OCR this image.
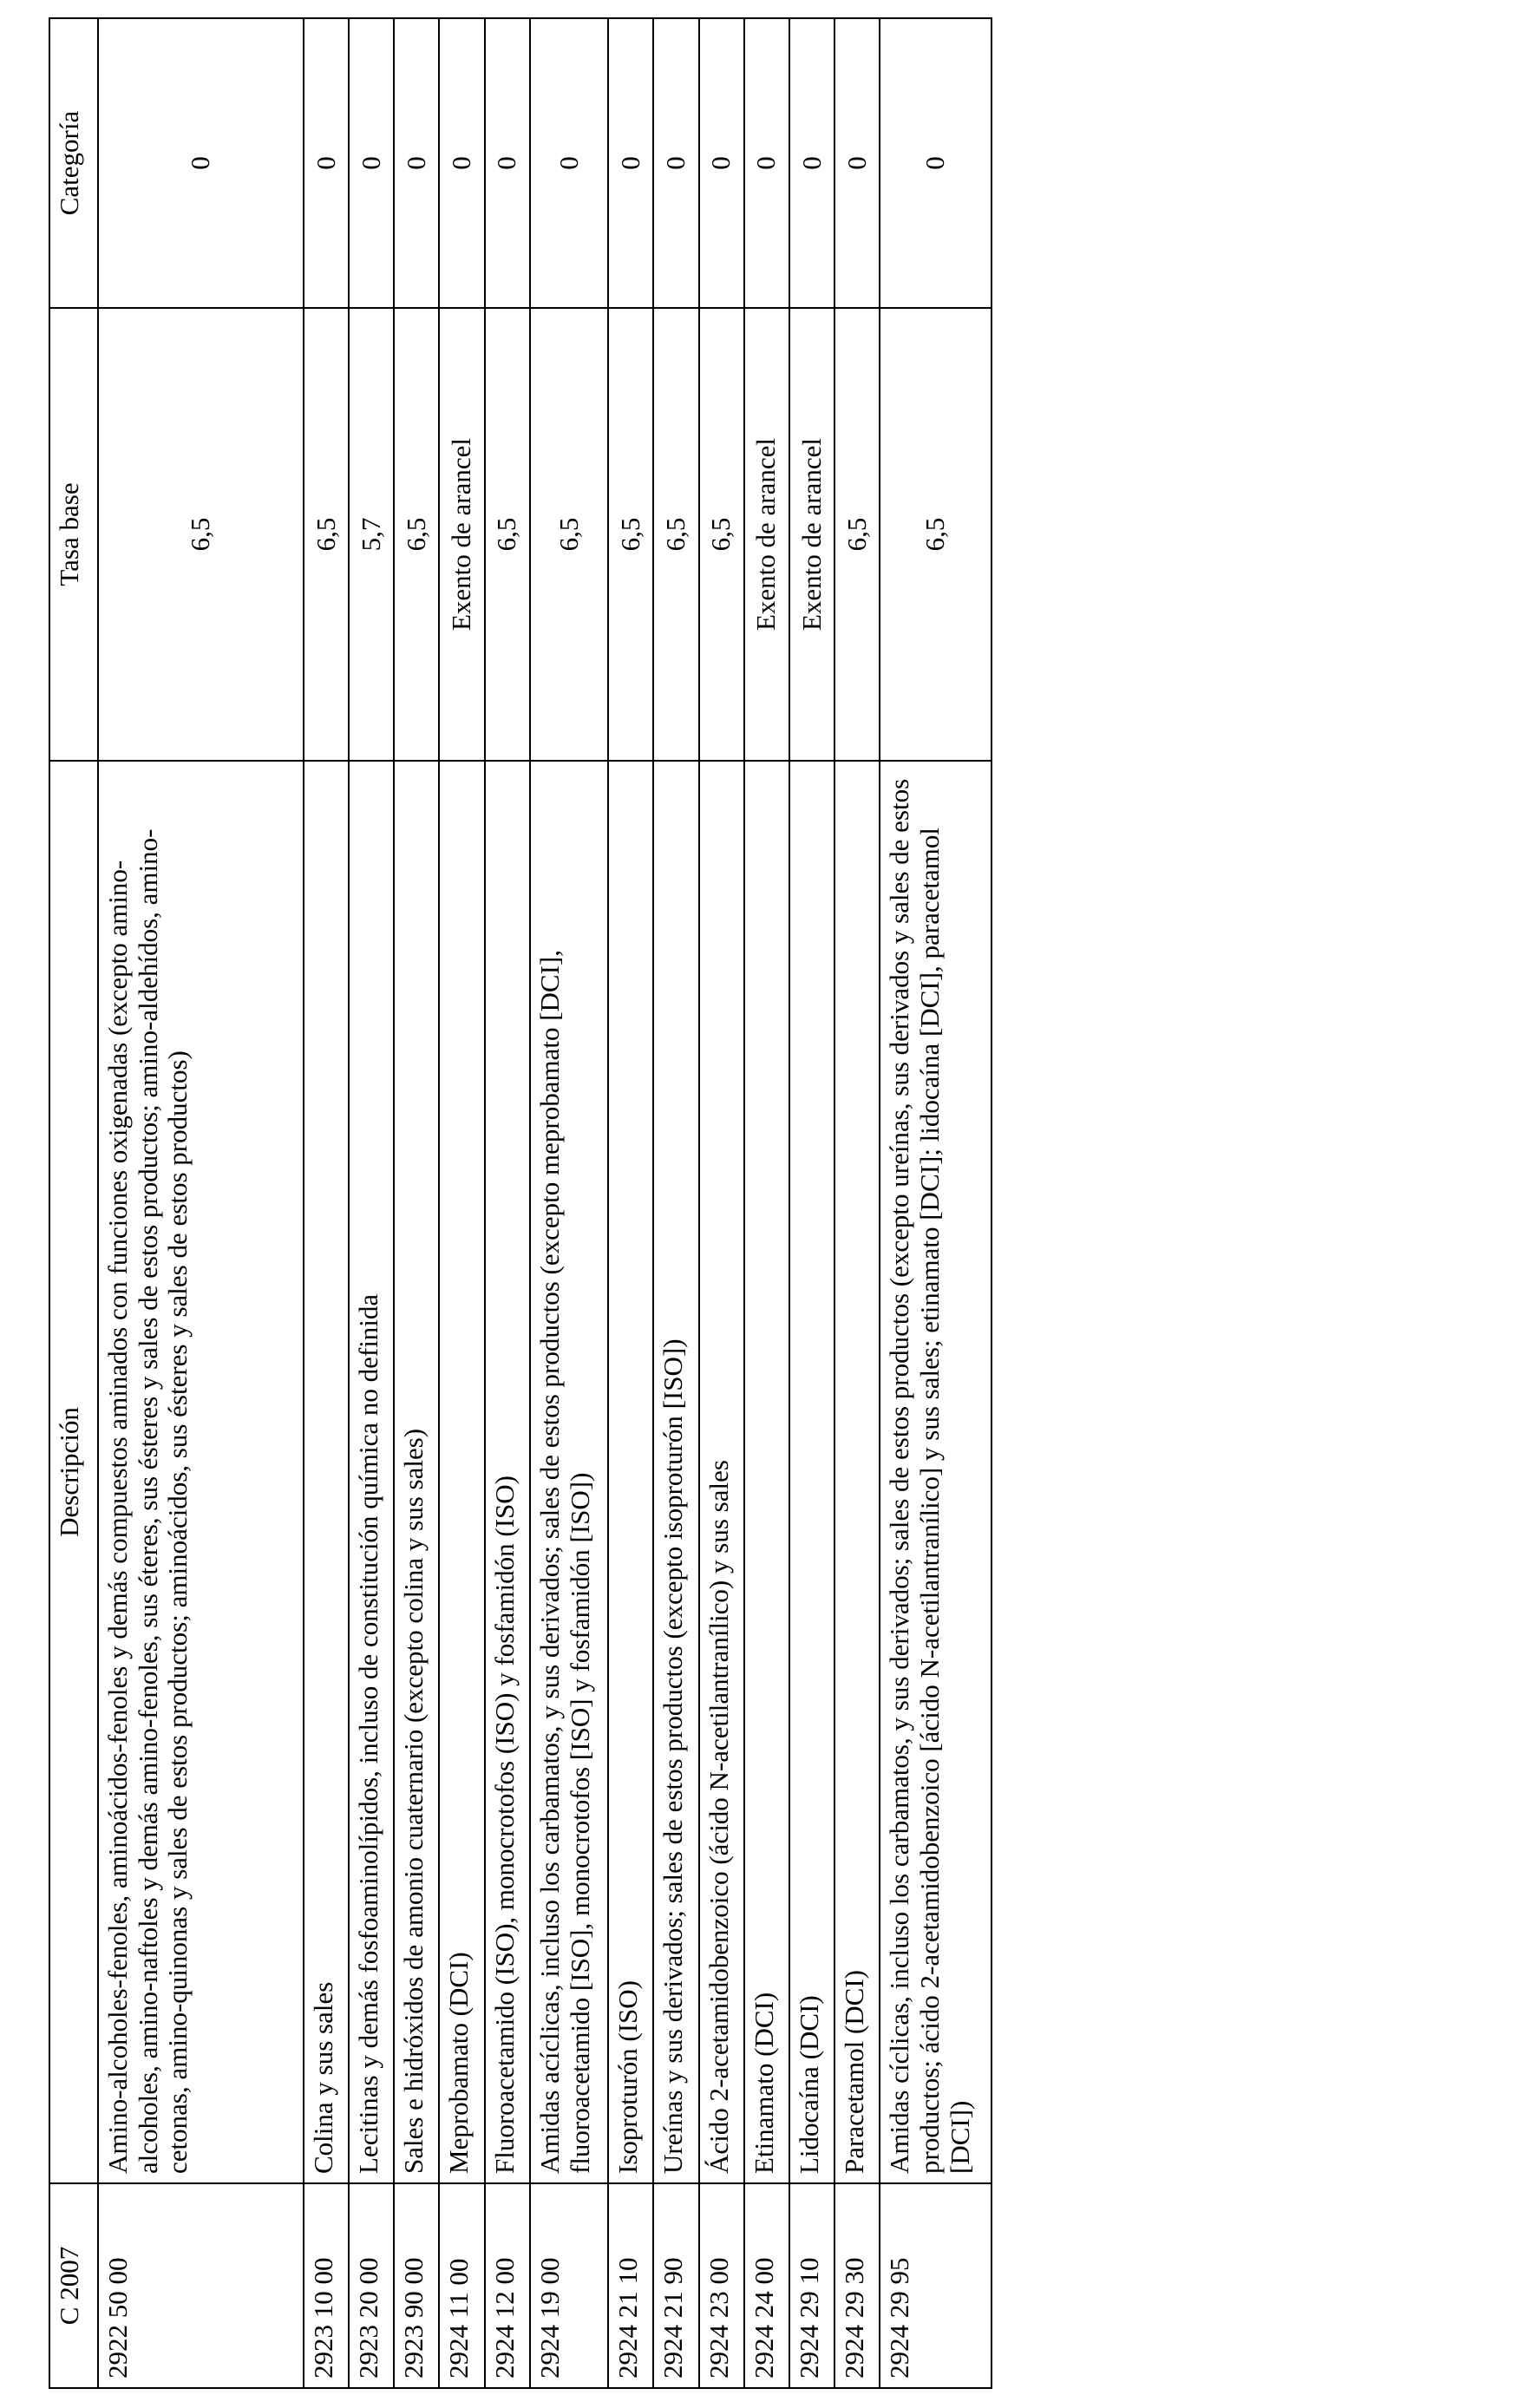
C 2007	Descripción	Tasa base	Categoría
2922 50 00	Amino-alcoholes-fenoles, aminoácidos-fenoles y demás compuestos aminados con funciones oxigenadas (excepto amino-alcoholes, amino-naftoles y demás amino-fenoles, sus éteres, sus ésteres y sales de estos productos; amino-aldehídos, amino-cetonas, amino-quinonas y sales de estos productos; aminoácidos, sus ésteres y sales de estos productos)	6,5	0
2923 10 00	Colina y sus sales	6,5	0
2923 20 00	Lecitinas y demás fosfoaminolípidos, incluso de constitución química no definida	5,7	0
2923 90 00	Sales e hidróxidos de amonio cuaternario (excepto colina y sus sales)	6,5	0
2924 11 00	Meprobamato (DCI)	Exento de arancel	0
2924 12 00	Fluoroacetamido (ISO), monocrotofos (ISO) y fosfamidón (ISO)	6,5	0
2924 19 00	Amidas acíclicas, incluso los carbamatos, y sus derivados; sales de estos productos (excepto meprobamato [DCI], fluoroacetamido [ISO], monocrotofos [ISO] y fosfamidón [ISO])	6,5	0
2924 21 10	Isoproturón (ISO)	6,5	0
2924 21 90	Ureínas y sus derivados; sales de estos productos (excepto isoproturón [ISO])	6,5	0
2924 23 00	Ácido 2-acetamidobenzoico (ácido N-acetilantranílico) y sus sales	6,5	0
2924 24 00	Etinamato (DCI)	Exento de arancel	0
2924 29 10	Lidocaína (DCI)	Exento de arancel	0
2924 29 30	Paracetamol (DCI)	6,5	0
2924 29 95	Amidas cíclicas, incluso los carbamatos, y sus derivados; sales de estos productos (excepto ureínas, sus derivados y sales de estos productos; ácido 2-acetamidobenzoico [ácido N-acetilantranílico] y sus sales; etinamato [DCI]; lidocaína [DCI], paracetamol [DCI])	6,5	0
